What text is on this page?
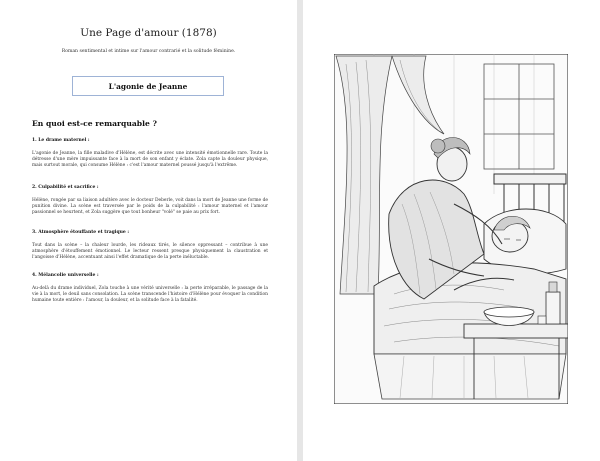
Une Page d'amour (1878)
Roman sentimental et intime sur l'amour contrarié et la solitude féminine.
L'agonie de Jeanne
En quoi est-ce remarquable ?
1. Le drame maternel :
L'agonie de Jeanne, la fille maladive d'Hélène, est décrite avec une intensité émotionnelle rare. Toute la détresse d'une mère impuissante face à la mort de son enfant y éclate. Zola capte la douleur physique, mais surtout morale, qui consume Hélène : c'est l'amour maternel poussé jusqu'à l'extrême.
2. Culpabilité et sacrifice :
Hélène, rongée par sa liaison adultère avec le docteur Deberle, voit dans la mort de Jeanne une forme de punition divine. La scène est traversée par le poids de la culpabilité : l'amour maternel et l'amour passionnel se heurtent, et Zola suggère que tout bonheur "volé" se paie au prix fort.
3. Atmosphère étouffante et tragique :
Tout dans la scène – la chaleur lourde, les rideaux tirés, le silence oppressant – contribue à une atmosphère d'étouffement émotionnel. Le lecteur ressent presque physiquement la claustration et l'angoisse d'Hélène, accentuant ainsi l'effet dramatique de la perte inéluctable.
4. Mélancolie universelle :
Au-delà du drame individuel, Zola touche à une vérité universelle : la perte irréparable, le passage de la vie à la mort, le deuil sans consolation. La scène transcende l'histoire d'Hélène pour évoquer la condition humaine toute entière : l'amour, la douleur, et la solitude face à la fatalité.
